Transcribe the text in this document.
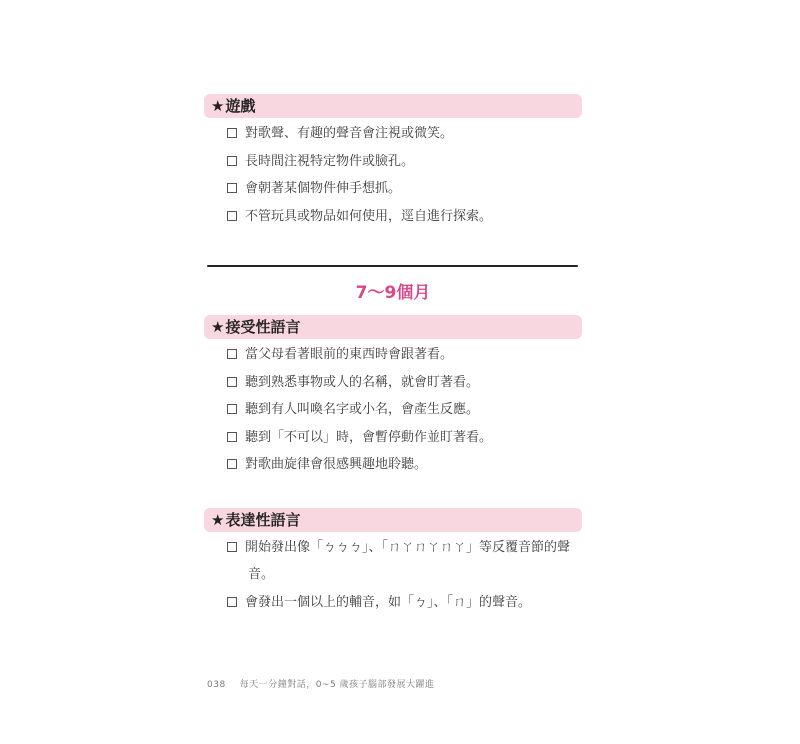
★遊戲
對歌聲、有趣的聲音會注視或微笑。
長時間注視特定物件或臉孔。
會朝著某個物件伸手想抓。
不管玩具或物品如何使用，逕自進行探索。
7～9個月
★接受性語言
當父母看著眼前的東西時會跟著看。
聽到熟悉事物或人的名稱，就會盯著看。
聽到有人叫喚名字或小名，會產生反應。
聽到「不可以」時，會暫停動作並盯著看。
對歌曲旋律會很感興趣地聆聽。
★表達性語言
開始發出像「ㄅㄅㄅ」、「ㄇㄚㄇㄚㄇㄚ」等反覆音節的聲
音。
會發出一個以上的輔音，如「ㄅ」、「ㄇ」的聲音。
038 每天一分鐘對話，0~5 歲孩子腦部發展大躍進
